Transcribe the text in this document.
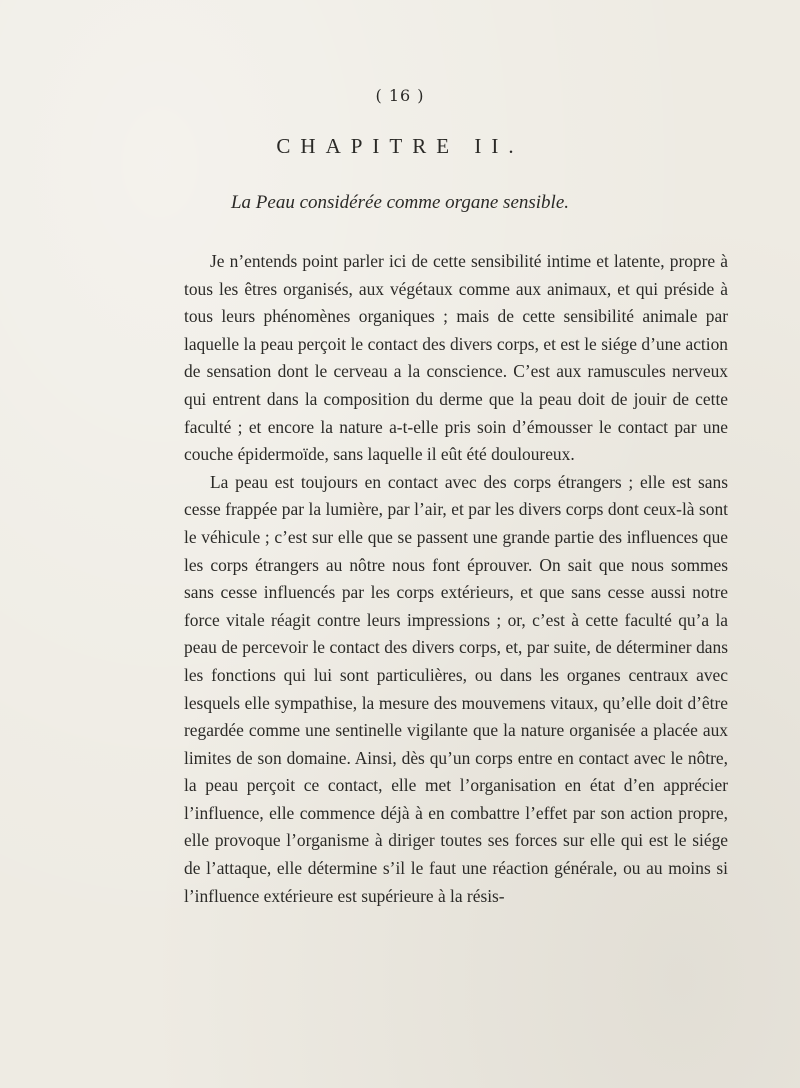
( 16 )
CHAPITRE II.
La Peau considérée comme organe sensible.

Je n’entends point parler ici de cette sensibilité intime et latente, propre à tous les êtres organisés, aux végétaux comme aux animaux, et qui préside à tous leurs phénomènes organiques ; mais de cette sensibilité animale par laquelle la peau perçoit le contact des divers corps, et est le siége d’une action de sensation dont le cerveau a la conscience. C’est aux ramuscules nerveux qui entrent dans la composition du derme que la peau doit de jouir de cette faculté ; et encore la nature a-t-elle pris soin d’émousser le contact par une couche épidermoïde, sans laquelle il eût été douloureux.

La peau est toujours en contact avec des corps étrangers ; elle est sans cesse frappée par la lumière, par l’air, et par les divers corps dont ceux-là sont le véhicule ; c’est sur elle que se passent une grande partie des influences que les corps étrangers au nôtre nous font éprouver. On sait que nous sommes sans cesse influencés par les corps extérieurs, et que sans cesse aussi notre force vitale réagit contre leurs impressions ; or, c’est à cette faculté qu’a la peau de percevoir le contact des divers corps, et, par suite, de déterminer dans les fonctions qui lui sont particulières, ou dans les organes centraux avec lesquels elle sympathise, la mesure des mouvemens vitaux, qu’elle doit d’être regardée comme une sentinelle vigilante que la nature organisée a placée aux limites de son domaine. Ainsi, dès qu’un corps entre en contact avec le nôtre, la peau perçoit ce contact, elle met l’organisation en état d’en apprécier l’influence, elle commence déjà à en combattre l’effet par son action propre, elle provoque l’organisme à diriger toutes ses forces sur elle qui est le siége de l’attaque, elle détermine s’il le faut une réaction générale, ou au moins si l’influence extérieure est supérieure à la résis-
